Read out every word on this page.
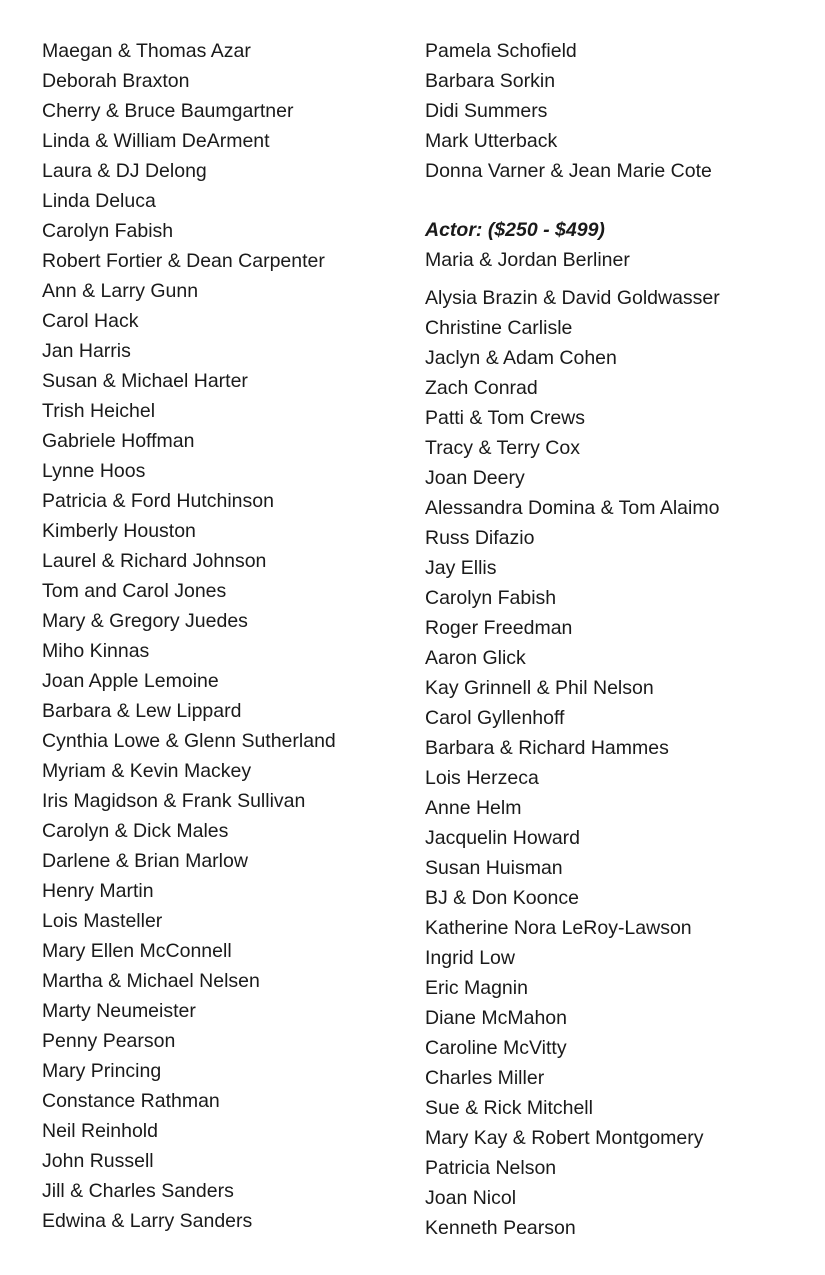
Maegan & Thomas Azar
Deborah Braxton
Cherry & Bruce Baumgartner
Linda & William DeArment
Laura & DJ Delong
Linda Deluca
Carolyn Fabish
Robert Fortier & Dean Carpenter
Ann & Larry Gunn
Carol Hack
Jan Harris
Susan & Michael Harter
Trish Heichel
Gabriele Hoffman
Lynne Hoos
Patricia & Ford Hutchinson
Kimberly Houston
Laurel & Richard Johnson
Tom and Carol Jones
Mary & Gregory Juedes
Miho Kinnas
Joan Apple Lemoine
Barbara & Lew Lippard
Cynthia Lowe & Glenn Sutherland
Myriam & Kevin Mackey
Iris Magidson & Frank Sullivan
Carolyn & Dick Males
Darlene & Brian Marlow
Henry Martin
Lois Masteller
Mary Ellen McConnell
Martha & Michael Nelsen
Marty Neumeister
Penny Pearson
Mary Princing
Constance Rathman
Neil Reinhold
John Russell
Jill & Charles Sanders
Edwina & Larry Sanders
Pamela Schofield
Barbara Sorkin
Didi Summers
Mark Utterback
Donna Varner & Jean Marie Cote
Actor: ($250 - $499)
Maria & Jordan Berliner
Alysia Brazin & David Goldwasser
Christine Carlisle
Jaclyn & Adam Cohen
Zach Conrad
Patti & Tom Crews
Tracy & Terry Cox
Joan Deery
Alessandra Domina & Tom Alaimo
Russ Difazio
Jay Ellis
Carolyn Fabish
Roger Freedman
Aaron Glick
Kay Grinnell & Phil Nelson
Carol Gyllenhoff
Barbara & Richard Hammes
Lois Herzeca
Anne Helm
Jacquelin Howard
Susan Huisman
BJ & Don Koonce
Katherine Nora LeRoy-Lawson
Ingrid Low
Eric Magnin
Diane McMahon
Caroline McVitty
Charles Miller
Sue & Rick Mitchell
Mary Kay & Robert Montgomery
Patricia Nelson
Joan Nicol
Kenneth Pearson
